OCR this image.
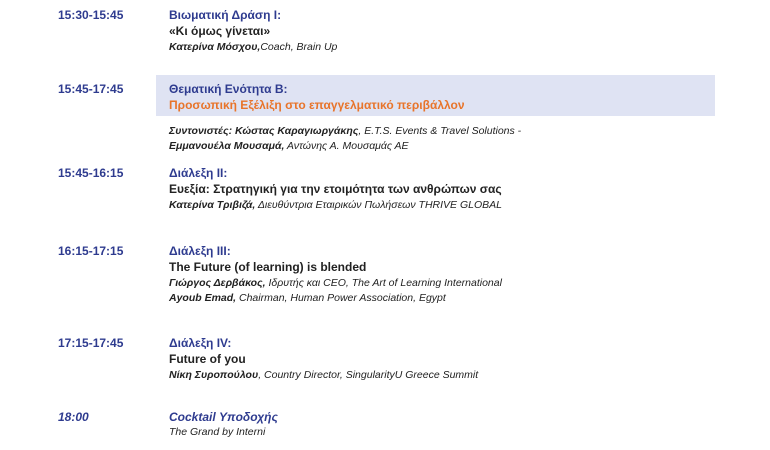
15:30-15:45	Βιωματική Δράση Ι:
«Κι όμως γίνεται»
Κατερίνα Μόσχου,Coach, Brain Up
15:45-17:45	Θεματική Ενότητα Β:
Προσωπική Εξέλιξη στο επαγγελματικό περιβάλλον
Συντονιστές: Κώστας Καραγιωργάκης, E.T.S. Events & Travel Solutions -
Εμμανουέλα Μουσαμά, Αντώνης Α. Μουσαμάς ΑΕ
15:45-16:15	Διάλεξη ΙΙ:
Ευεξία: Στρατηγική για την ετοιμότητα των ανθρώπων σας
Κατερίνα Τριβιζά, Διευθύντρια Εταιρικών Πωλήσεων THRIVE GLOBAL
16:15-17:15	Διάλεξη ΙΙΙ:
The Future (of learning) is blended
Γιώργος Δερβάκος, Ιδρυτής και CEO, The Art of Learning International
Ayoub Emad, Chairman, Human Power Association, Egypt
17:15-17:45	Διάλεξη ΙV:
Future of you
Νίκη Συροπούλου, Country Director, SingularityU Greece Summit
18:00	Cocktail Υποδοχής
The Grand by Interni
